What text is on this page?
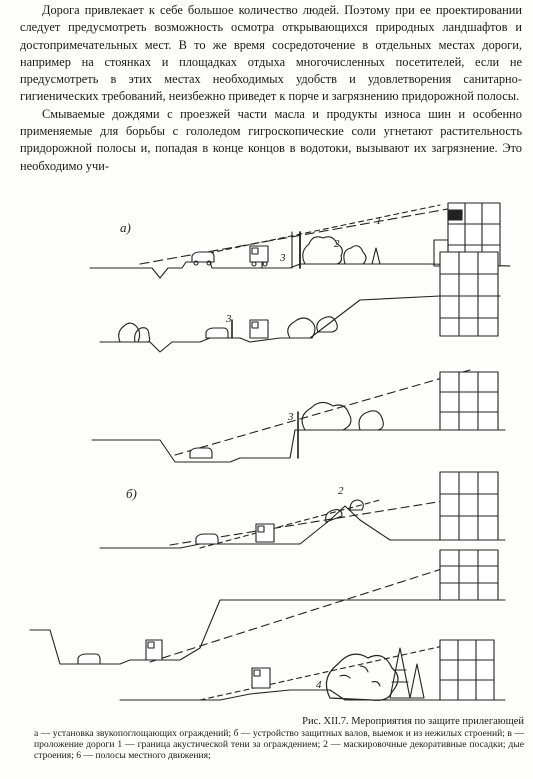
Дорога привлекает к себе большое количество людей. Поэтому при ее проектировании следует предусмотреть возможность осмотра открывающихся природных ландшафтов и достопримечательных мест. В то же время сосредоточение в отдельных местах дороги, например на стоянках и площадках отдыха многочисленных посетителей, если не предусмотреть в этих местах необходимых удобств и удовлетворения санитарно-гигиенических требований, неизбежно приведет к порче и загрязнению придорожной полосы.

Смываемые дождями с проезжей части масла и продукты износа шин и особенно применяемые для борьбы с гололедом гигроскопические соли угнетают растительность придорожной полосы и, попадая в конце концов в водотоки, вызывают их загрязнение. Это необходимо учи-

а)
б)
1
2
3
3
3
2
4
Рис. XII.7. Мероприятия по защите прилегающей
а — установка звукопоглощающих ограждений; б — устройство защитных валов, выемок и из нежилых строений; в — проложение дороги 1 — граница акустической тени за ограждением; 2 — маскировочные декоративные посадки; дые строения; 6 — полосы местного движения;
